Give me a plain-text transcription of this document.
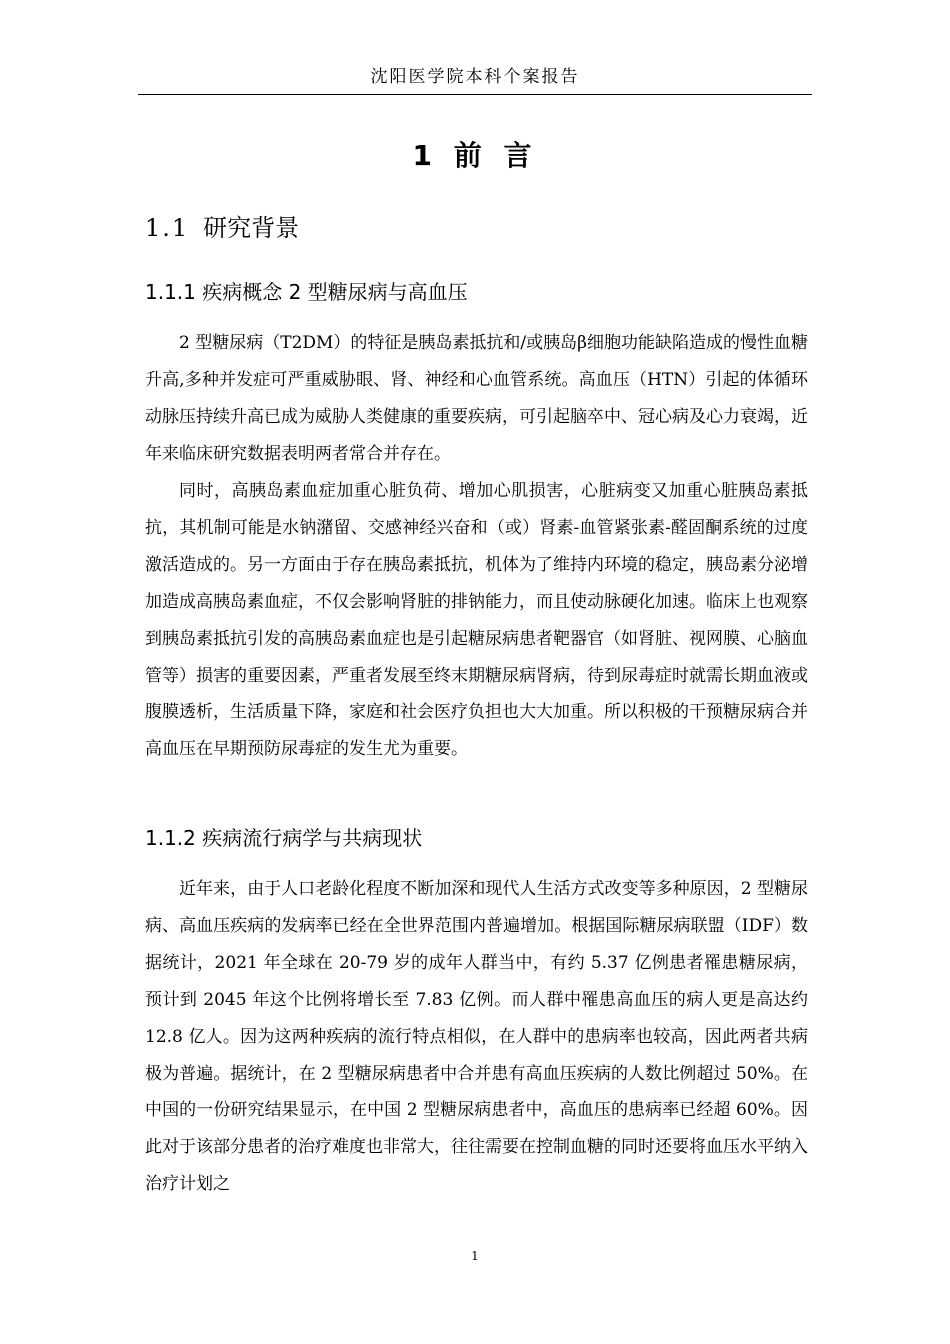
沈阳医学院本科个案报告
1 前 言
1.1 研究背景
1.1.1 疾病概念 2 型糖尿病与高血压

2 型糖尿病（T2DM）的特征是胰岛素抵抗和/或胰岛β细胞功能缺陷造成的慢性血糖升高,多种并发症可严重威胁眼、肾、神经和心血管系统。高血压（HTN）引起的体循环动脉压持续升高已成为威胁人类健康的重要疾病，可引起脑卒中、冠心病及心力衰竭，近年来临床研究数据表明两者常合并存在。

同时，高胰岛素血症加重心脏负荷、增加心肌损害，心脏病变又加重心脏胰岛素抵抗，其机制可能是水钠潴留、交感神经兴奋和（或）肾素-血管紧张素-醛固酮系统的过度激活造成的。另一方面由于存在胰岛素抵抗，机体为了维持内环境的稳定，胰岛素分泌增加造成高胰岛素血症，不仅会影响肾脏的排钠能力，而且使动脉硬化加速。临床上也观察到胰岛素抵抗引发的高胰岛素血症也是引起糖尿病患者靶器官（如肾脏、视网膜、心脑血管等）损害的重要因素，严重者发展至终末期糖尿病肾病，待到尿毒症时就需长期血液或腹膜透析，生活质量下降，家庭和社会医疗负担也大大加重。所以积极的干预糖尿病合并高血压在早期预防尿毒症的发生尤为重要。

1.1.2 疾病流行病学与共病现状

近年来，由于人口老龄化程度不断加深和现代人生活方式改变等多种原因，2 型糖尿病、高血压疾病的发病率已经在全世界范围内普遍增加。根据国际糖尿病联盟（IDF）数据统计，2021 年全球在 20-79 岁的成年人群当中，有约 5.37 亿例患者罹患糖尿病，预计到 2045 年这个比例将增长至 7.83 亿例。而人群中罹患高血压的病人更是高达约 12.8 亿人。因为这两种疾病的流行特点相似，在人群中的患病率也较高，因此两者共病极为普遍。据统计，在 2 型糖尿病患者中合并患有高血压疾病的人数比例超过 50%。在中国的一份研究结果显示，在中国 2 型糖尿病患者中，高血压的患病率已经超 60%。因此对于该部分患者的治疗难度也非常大，往往需要在控制血糖的同时还要将血压水平纳入治疗计划之

1
